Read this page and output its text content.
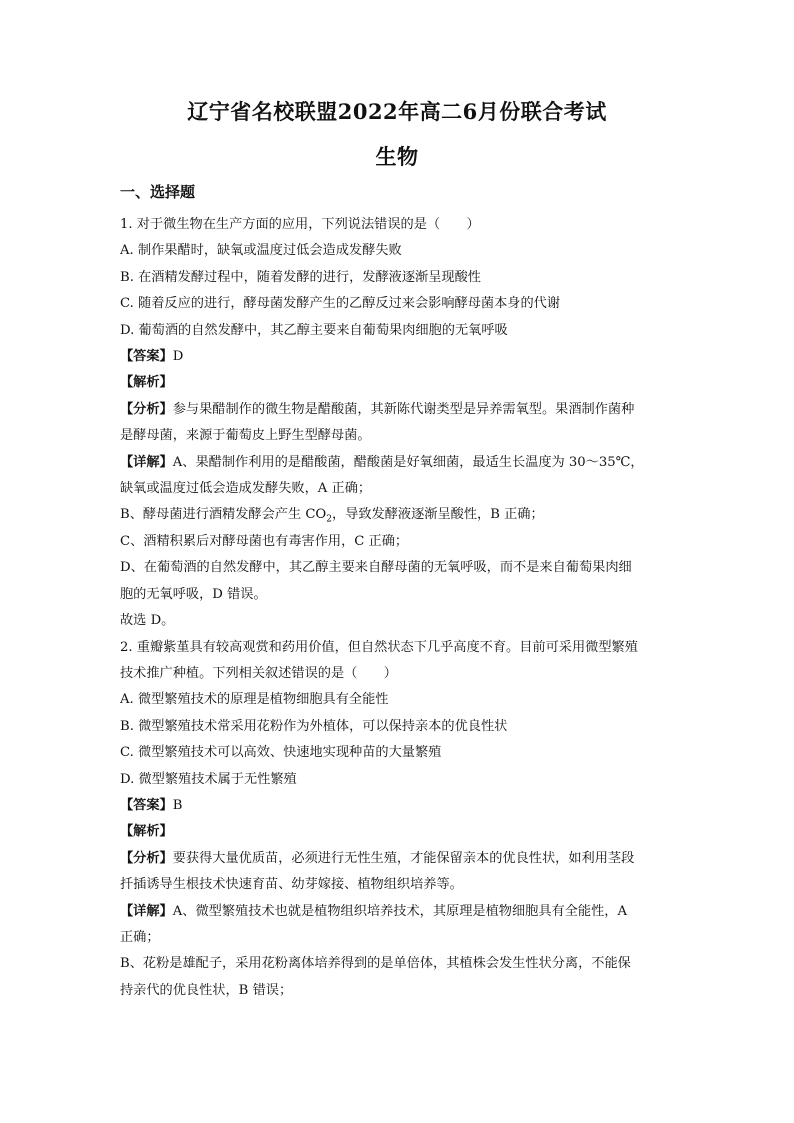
辽宁省名校联盟2022年高二6月份联合考试
生物
一、选择题

1. 对于微生物在生产方面的应用，下列说法错误的是（　　）

A. 制作果醋时，缺氧或温度过低会造成发酵失败

B. 在酒精发酵过程中，随着发酵的进行，发酵液逐渐呈现酸性

C. 随着反应的进行，酵母菌发酵产生的乙醇反过来会影响酵母菌本身的代谢

D. 葡萄酒的自然发酵中，其乙醇主要来自葡萄果肉细胞的无氧呼吸

【答案】D

【解析】

【分析】参与果醋制作的微生物是醋酸菌，其新陈代谢类型是异养需氧型。果酒制作菌种

是酵母菌，来源于葡萄皮上野生型酵母菌。

【详解】A、果醋制作利用的是醋酸菌，醋酸菌是好氧细菌，最适生长温度为 30～35℃，

缺氧或温度过低会造成发酵失败，A 正确；

B、酵母菌进行酒精发酵会产生 $CO_2$，导致发酵液逐渐呈酸性，B 正确；

C、酒精积累后对酵母菌也有毒害作用，C 正确；

D、在葡萄酒的自然发酵中，其乙醇主要来自酵母菌的无氧呼吸，而不是来自葡萄果肉细

胞的无氧呼吸，D 错误。

故选 D。

2. 重瓣紫堇具有较高观赏和药用价值，但自然状态下几乎高度不育。目前可采用微型繁殖

技术推广种植。下列相关叙述错误的是（　　）

A. 微型繁殖技术的原理是植物细胞具有全能性

B. 微型繁殖技术常采用花粉作为外植体，可以保持亲本的优良性状

C. 微型繁殖技术可以高效、快速地实现种苗的大量繁殖

D. 微型繁殖技术属于无性繁殖

【答案】B

【解析】

【分析】要获得大量优质苗，必须进行无性生殖，才能保留亲本的优良性状，如利用茎段

扦插诱导生根技术快速育苗、幼芽嫁接、植物组织培养等。

【详解】A、微型繁殖技术也就是植物组织培养技术，其原理是植物细胞具有全能性，A

正确；

B、花粉是雄配子，采用花粉离体培养得到的是单倍体，其植株会发生性状分离，不能保

持亲代的优良性状，B 错误；
